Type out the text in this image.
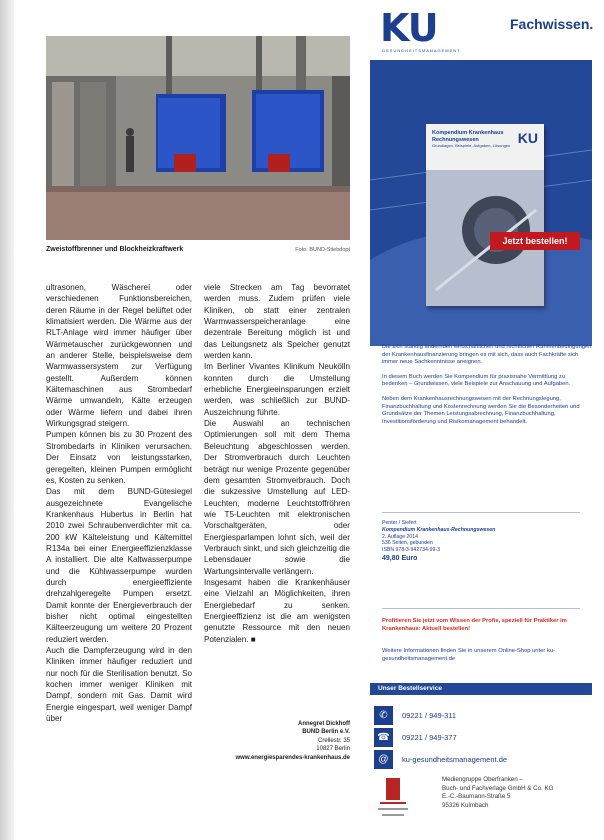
Zweistoffbrenner und Blockheizkraftwerk	Foto: BUND-Stiebdopt

ultrasonen, Wäschereí oder verschiedenen Funktionsbereichen, deren Räume in der Regel belüftet oder klimatisiert werden. Die Wärme aus der RLT-Anlage wird immer häufiger über Wärmetauscher zurückgewonnen und an anderer Stelle, beispielsweise dem Warmwassersystem zur Verfügung gestellt. Außerdem können Kältemaschinen aus Strombedarf Wärme umwandeln, Kälte erzeugen oder Wärme liefern und dabei ihren Wirkungsgrad steigern.

Pumpen können bis zu 30 Prozent des Strombedarfs in Kliniken verursachen. Der Einsatz von leistungsstarken, geregelten, kleinen Pumpen ermöglicht es, Kosten zu senken.

Das mit dem BUND-Gütesiegel ausgezeichnete Evangelische Krankenhaus Hubertus in Berlin hat 2010 zwei Schraubenverdichter mit ca. 200 kW Kälteleistung und Kältemittel R134a bei einer Energieeffizienzklasse A installiert. Die alte Kaltwasserpumpe und die Kühlwasserpumpe wurden durch energieeffiziente drehzahlgeregelte Pumpen ersetzt. Damit konnte der Energieverbrauch der bisher nicht optimal eingestellten Kälteerzeugung um weitere 20 Prozent reduziert werden.

Auch die Dampferzeugung wird in den Kliniken immer häufiger reduziert und nur noch für die Sterilisation benutzt. So kochen immer weniger Kliniken mit Dampf, sondern mit Gas. Damit wird Energie eingespart, weil weniger Dampf über

viele Strecken am Tag bevorratet werden muss. Zudem prüfen viele Kliniken, ob statt einer zentralen Warmwasserspeicheranlage eine dezentrale Bereitung möglich ist und das Leitungsnetz als Speicher genutzt werden kann.

Im Berliner Vivantes Klinikum Neukölln konnten durch die Umstellung erhebliche Energieeinsparungen erzielt werden, was schließlich zur BUND-Auszeichnung führte.

Die Auswahl an technischen Optimierungen soll mit dem Thema Beleuchtung abgeschlossen werden. Der Stromverbrauch durch Leuchten beträgt nur wenige Prozente gegenüber dem gesamten Stromverbrauch. Doch die sukzessive Umstellung auf LED-Leuchten, moderne Leuchtstoffröhren wie T5-Leuchten mit elektronischen Vorschaltgeräten, oder Energiesparlampen lohnt sich, weil der Verbrauch sinkt, und sich gleichzeitig die Lebensdauer sowie die Wartungsintervalle verlängern.

Insgesamt haben die Krankenhäuser eine Vielzahl an Möglichkeiten, ihren Energiebedarf zu senken. Energieeffizienz ist die am wenigsten genutzte Ressource mit den neuen Potenzialen. ■

Annegret Dickhoff
BUND Berlin e.V.
Crellestr. 35
10827 Berlin
www.energiesparendes-krankenhaus.de
KU
GESUNDHEITSMANAGEMENT
Fachwissen.
Kompendium Krankenhaus Rechnungswesen
Grundlagen, Beispiele, Aufgaben, Lösungen KU
Jetzt bestellen!

Die sich ständig ändernden wirtschaftlichen und rechtlichen Rahmenbedingungen der Krankenhausfinanzierung bringen es mit sich, dass auch Fachkräfte sich immer neue Sachkenntnisse aneignen.

In diesem Buch werden Sie Kompendium für praxisnahe Vermittlung zu bedenken – Grundwissen, viele Beispiele zur Anschauung und Aufgaben.

Neben dem Krankenhausrechnungswesen mit der Rechnungslegung, Finanzbuchhaltung und Kostenrechnung werden Sie die Besonderheiten und Grundsätze der Themen Leistungsabrechnung, Finanzbuchhaltung, Investitionsförderung und Risikomanagement behandelt.

Penter / Siefert
Kompendium Krankenhaus-Rechnungswesen
2. Auflage 2014
536 Seiten, gebunden
ISBN 978-3-942734-99-3
49,80 Euro
Profitieren Sie jetzt vom Wissen der Profis, speziell für Praktiker im Krankenhaus: Aktuell bestellen!
Weitere Informationen finden Sie in unserem Online-Shop unter ku-gesundheitsmanagement.de
Unser Bestellservice
✆	09221 / 949-311
☎	09221 / 949-377
@	ku-gesundheitsmanagement.de
Mediengruppe Oberfranken –
Buch- und Fachverlage GmbH & Co. KG
E.-C.-Baumann-Straße 5
95326 Kulmbach
